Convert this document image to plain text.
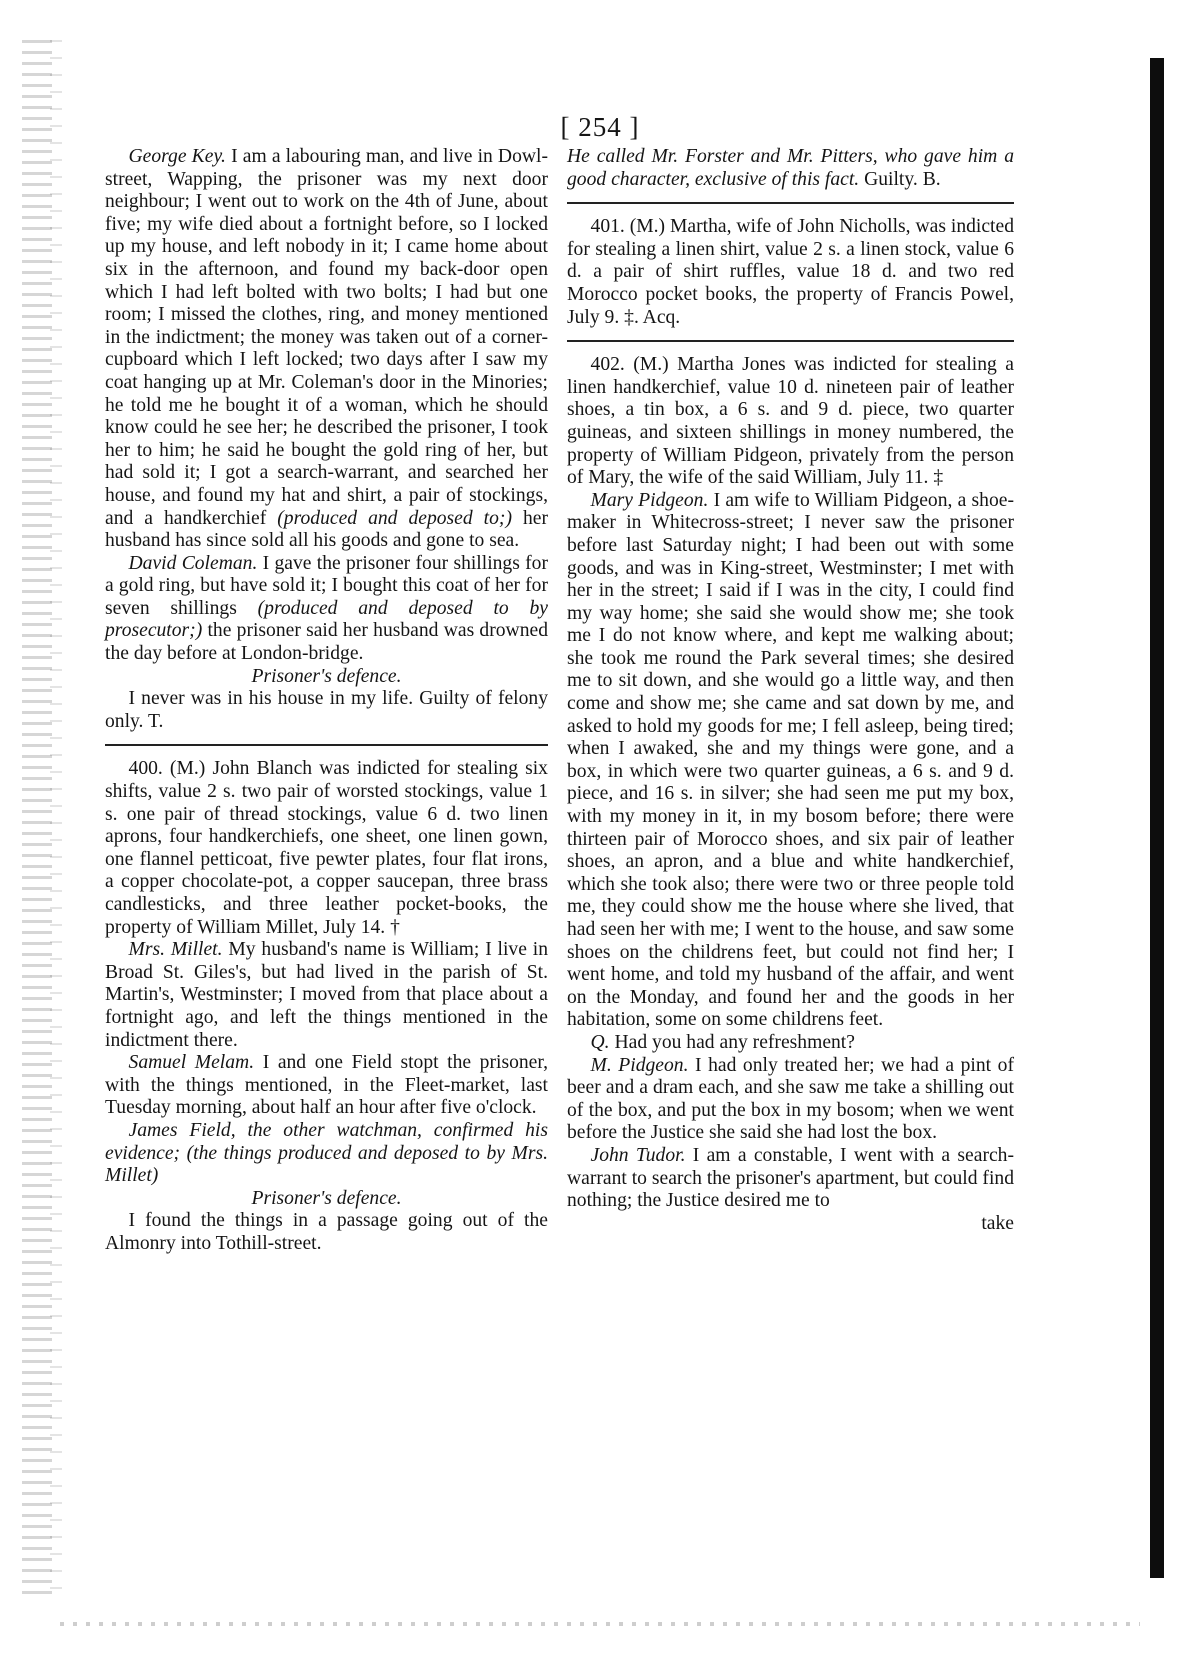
[ 254 ]

George Key. I am a labouring man, and live in Dowl-street, Wapping, the prisoner was my next door neighbour; I went out to work on the 4th of June, about five; my wife died about a fortnight before, so I locked up my house, and left nobody in it; I came home about six in the afternoon, and found my back-door open which I had left bolted with two bolts; I had but one room; I missed the clothes, ring, and money mentioned in the indictment; the money was taken out of a corner-cupboard which I left locked; two days after I saw my coat hanging up at Mr. Coleman's door in the Minories; he told me he bought it of a woman, which he should know could he see her; he described the prisoner, I took her to him; he said he bought the gold ring of her, but had sold it; I got a search-warrant, and searched her house, and found my hat and shirt, a pair of stockings, and a handkerchief (produced and deposed to;) her husband has since sold all his goods and gone to sea.

David Coleman. I gave the prisoner four shillings for a gold ring, but have sold it; I bought this coat of her for seven shillings (produced and deposed to by prosecutor;) the prisoner said her husband was drowned the day before at London-bridge.

Prisoner's defence.

I never was in his house in my life. Guilty of felony only. T.

400. (M.) John Blanch was indicted for stealing six shifts, value 2 s. two pair of worsted stockings, value 1 s. one pair of thread stockings, value 6 d. two linen aprons, four handkerchiefs, one sheet, one linen gown, one flannel petticoat, five pewter plates, four flat irons, a copper chocolate-pot, a copper saucepan, three brass candlesticks, and three leather pocket-books, the property of William Millet, July 14. †

Mrs. Millet. My husband's name is William; I live in Broad St. Giles's, but had lived in the parish of St. Martin's, Westminster; I moved from that place about a fortnight ago, and left the things mentioned in the indictment there.

Samuel Melam. I and one Field stopt the prisoner, with the things mentioned, in the Fleet-market, last Tuesday morning, about half an hour after five o'clock.

James Field, the other watchman, confirmed his evidence; (the things produced and deposed to by Mrs. Millet)

Prisoner's defence.

I found the things in a passage going out of the Almonry into Tothill-street.

He called Mr. Forster and Mr. Pitters, who gave him a good character, exclusive of this fact. Guilty. B.

401. (M.) Martha, wife of John Nicholls, was indicted for stealing a linen shirt, value 2 s. a linen stock, value 6 d. a pair of shirt ruffles, value 18 d. and two red Morocco pocket books, the property of Francis Powel, July 9. ‡. Acq.

402. (M.) Martha Jones was indicted for stealing a linen handkerchief, value 10 d. nineteen pair of leather shoes, a tin box, a 6 s. and 9 d. piece, two quarter guineas, and sixteen shillings in money numbered, the property of William Pidgeon, privately from the person of Mary, the wife of the said William, July 11. ‡

Mary Pidgeon. I am wife to William Pidgeon, a shoe-maker in Whitecross-street; I never saw the prisoner before last Saturday night; I had been out with some goods, and was in King-street, Westminster; I met with her in the street; I said if I was in the city, I could find my way home; she said she would show me; she took me I do not know where, and kept me walking about; she took me round the Park several times; she desired me to sit down, and she would go a little way, and then come and show me; she came and sat down by me, and asked to hold my goods for me; I fell asleep, being tired; when I awaked, she and my things were gone, and a box, in which were two quarter guineas, a 6 s. and 9 d. piece, and 16 s. in silver; she had seen me put my box, with my money in it, in my bosom before; there were thirteen pair of Morocco shoes, and six pair of leather shoes, an apron, and a blue and white handkerchief, which she took also; there were two or three people told me, they could show me the house where she lived, that had seen her with me; I went to the house, and saw some shoes on the childrens feet, but could not find her; I went home, and told my husband of the affair, and went on the Monday, and found her and the goods in her habitation, some on some childrens feet.

Q. Had you had any refreshment?

M. Pidgeon. I had only treated her; we had a pint of beer and a dram each, and she saw me take a shilling out of the box, and put the box in my bosom; when we went before the Justice she said she had lost the box.

John Tudor. I am a constable, I went with a search-warrant to search the prisoner's apartment, but could find nothing; the Justice desired me to

take
